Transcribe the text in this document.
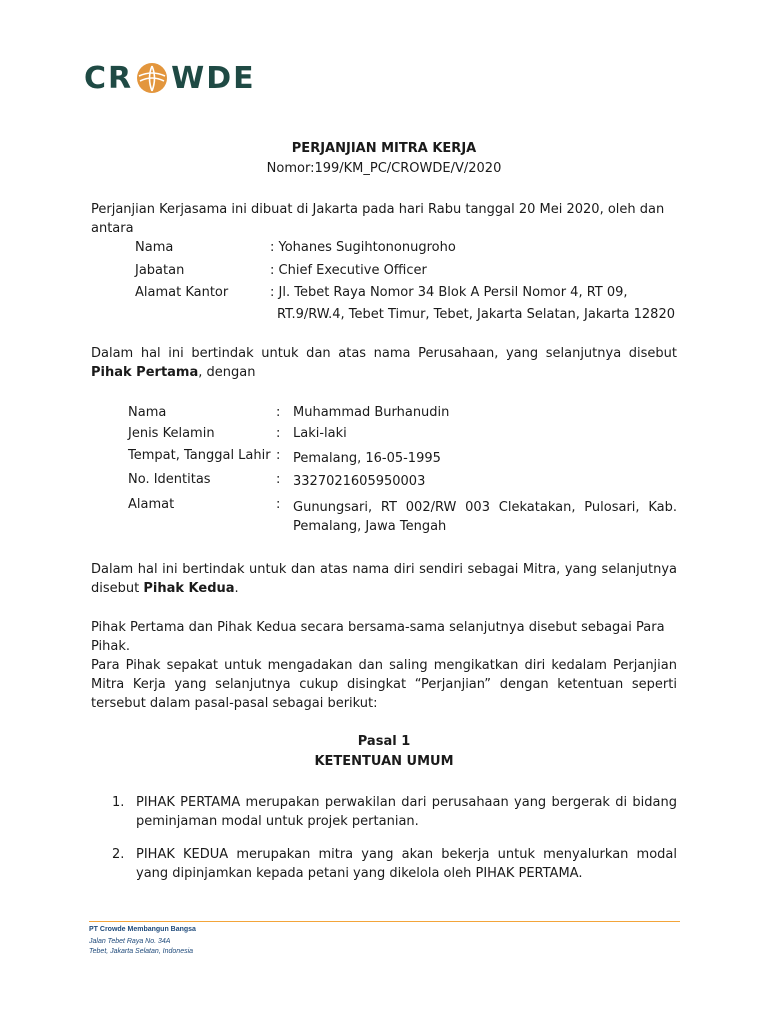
CR WDE
PERJANJIAN MITRA KERJA
Nomor:199/KM_PC/CROWDE/V/2020
Perjanjian Kerjasama ini dibuat di Jakarta pada hari Rabu tanggal 20 Mei 2020, oleh dan antara
Nama	: Yohanes Sugihtononugroho
Jabatan	: Chief Executive Officer
Alamat Kantor	: Jl. Tebet Raya Nomor 34 Blok A Persil Nomor 4, RT 09,
RT.9/RW.4, Tebet Timur, Tebet, Jakarta Selatan, Jakarta 12820
Dalam hal ini bertindak untuk dan atas nama Perusahaan, yang selanjutnya disebut Pihak Pertama, dengan
Nama	: Muhammad Burhanudin
Jenis Kelamin	: Laki-laki
Tempat, Tanggal Lahir : Pemalang, 16-05-1995
No. Identitas	: 3327021605950003
Alamat	: Gunungsari, RT 002/RW 003 Clekatakan, Pulosari, Kab. Pemalang, Jawa Tengah
Dalam hal ini bertindak untuk dan atas nama diri sendiri sebagai Mitra, yang selanjutnya disebut Pihak Kedua.
Pihak Pertama dan Pihak Kedua secara bersama-sama selanjutnya disebut sebagai Para Pihak.
Para Pihak sepakat untuk mengadakan dan saling mengikatkan diri kedalam Perjanjian Mitra Kerja yang selanjutnya cukup disingkat “Perjanjian” dengan ketentuan seperti tersebut dalam pasal-pasal sebagai berikut:
Pasal 1
KETENTUAN UMUM
1. PIHAK PERTAMA merupakan perwakilan dari perusahaan yang bergerak di bidang peminjaman modal untuk projek pertanian.
2. PIHAK KEDUA merupakan mitra yang akan bekerja untuk menyalurkan modal yang dipinjamkan kepada petani yang dikelola oleh PIHAK PERTAMA.
PT Crowde Membangun Bangsa
Jalan Tebet Raya No. 34A
Tebet, Jakarta Selatan, Indonesia
